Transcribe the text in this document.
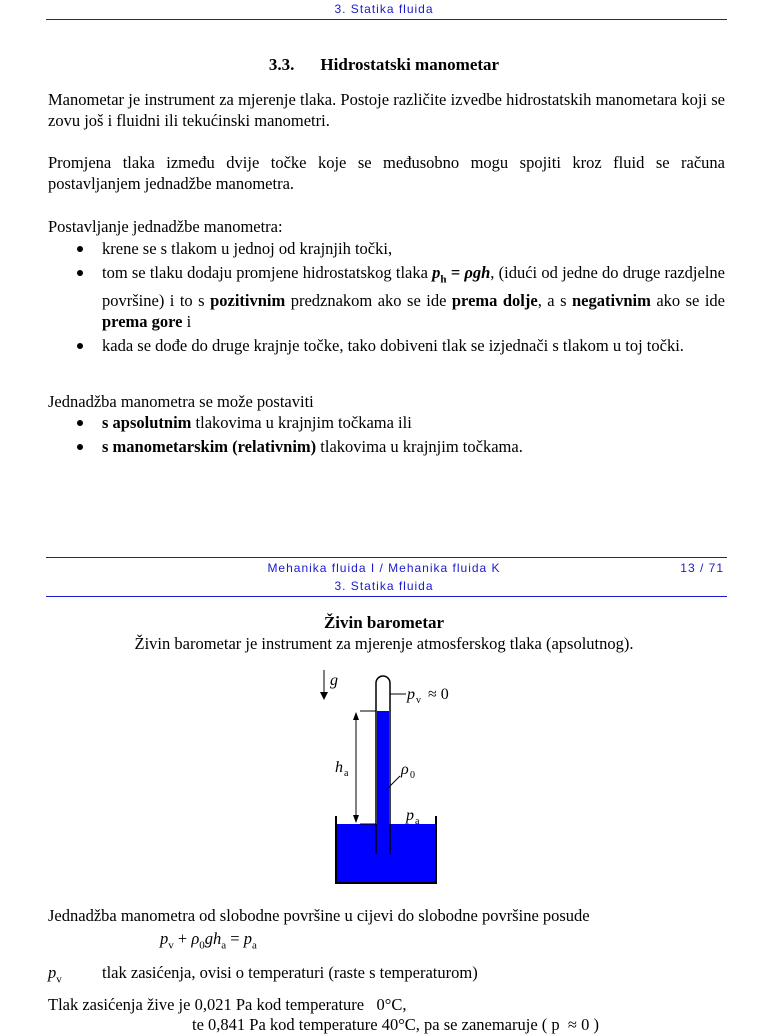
3. Statika fluida
3.3. Hidrostatski manometar
Manometar je instrument za mjerenje tlaka. Postoje različite izvedbe hidrostatskih manometara koji se zovu još i fluidni ili tekućinski manometri.
Promjena tlaka između dvije točke koje se međusobno mogu spojiti kroz fluid se računa postavljanjem jednadžbe manometra.
Postavljanje jednadžbe manometra:
krene se s tlakom u jednoj od krajnjih točki,
tom se tlaku dodaju promjene hidrostatskog tlaka $p_h = \rho gh$, (idući od jedne do druge razdjelne površine) i to s pozitivnim predznakom ako se ide prema dolje, a s negativnim ako se ide prema gore i
kada se dođe do druge krajnje točke, tako dobiveni tlak se izjednači s tlakom u toj točki.
Jednadžba manometra se može postaviti
s apsolutnim tlakovima u krajnjim točkama ili
s manometarskim (relativnim) tlakovima u krajnjim točkama.
Mehanika fluida I / Mehanika fluida K	13 / 71
3. Statika fluida
Živin barometar
Živin barometar je instrument za mjerenje atmosferskog tlaka (apsolutnog).
g
p v ≈ 0
h a	ρ 0
p a
Jednadžba manometra od slobodne površine u cijevi do slobodne površine posude
$p_v + \rho_0gh_a = p_a$
$p_v$ tlak zasićenja, ovisi o temperaturi (raste s temperaturom)
Tlak zasićenja žive je 0,021 Pa kod temperature   0°C,
te 0,841 Pa kod temperature 40°C, pa se zanemaruje ( p  ≈ 0 )
